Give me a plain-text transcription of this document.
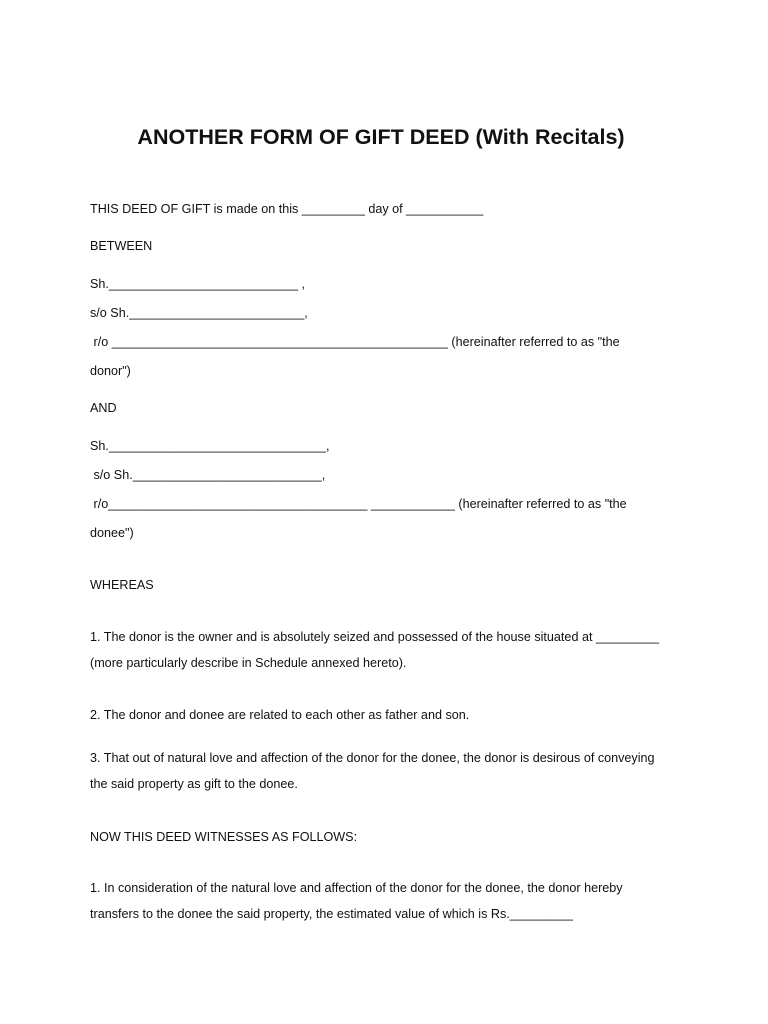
ANOTHER FORM OF GIFT DEED (With Recitals)

THIS DEED OF GIFT is made on this _________ day of ___________

BETWEEN

Sh.___________________________ ,

s/o Sh._________________________,

r/o ________________________________________________ (hereinafter referred to as "the

donor")

AND

Sh._______________________________,

s/o Sh.___________________________,

r/o_____________________________________ ____________ (hereinafter referred to as "the

donee")

WHEREAS

1. The donor is the owner and is absolutely seized and possessed of the house situated at _________

(more particularly describe in Schedule annexed hereto).

2. The donor and donee are related to each other as father and son.

3. That out of natural love and affection of the donor for the donee, the donor is desirous of conveying

the said property as gift to the donee.

NOW THIS DEED WITNESSES AS FOLLOWS:

1. In consideration of the natural love and affection of the donor for the donee, the donor hereby

transfers to the donee the said property, the estimated value of which is Rs._________
